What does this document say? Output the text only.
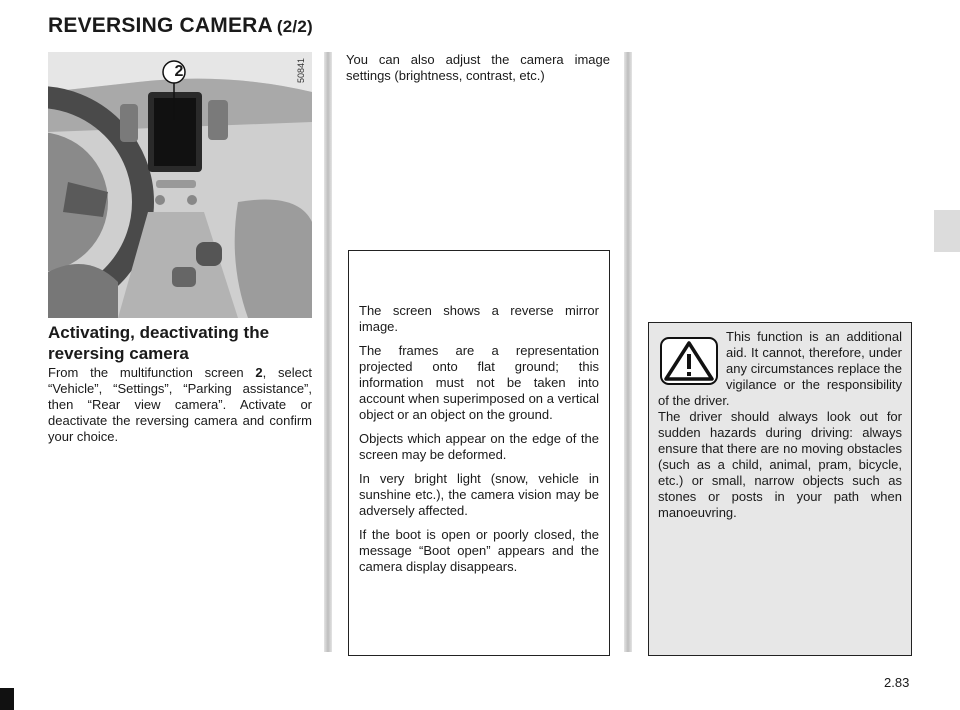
REVERSING CAMERA (2/2)
2	50841
Activating, deactivating the reversing camera

From the multifunction screen 2, select “Vehicle”, “Settings”, “Parking assistance”, then “Rear view camera”. Activate or deactivate the reversing camera and confirm your choice.

You can also adjust the camera image settings (brightness, contrast, etc.)

The screen shows a reverse mirror image.

The frames are a representation projected onto flat ground; this information must not be taken into account when superimposed on a vertical object or an object on the ground.

Objects which appear on the edge of the screen may be deformed.

In very bright light (snow, vehicle in sunshine etc.), the camera vision may be adversely affected.

If the boot is open or poorly closed, the message “Boot open” appears and the camera display disappears.

This function is an additional aid. It cannot, therefore, under any circumstances replace the vigilance or the responsibility of the driver.

The driver should always look out for sudden hazards during driving: always ensure that there are no moving obstacles (such as a child, animal, pram, bicycle, etc.) or small, narrow objects such as stones or posts in your path when manoeuvring.

2.83
